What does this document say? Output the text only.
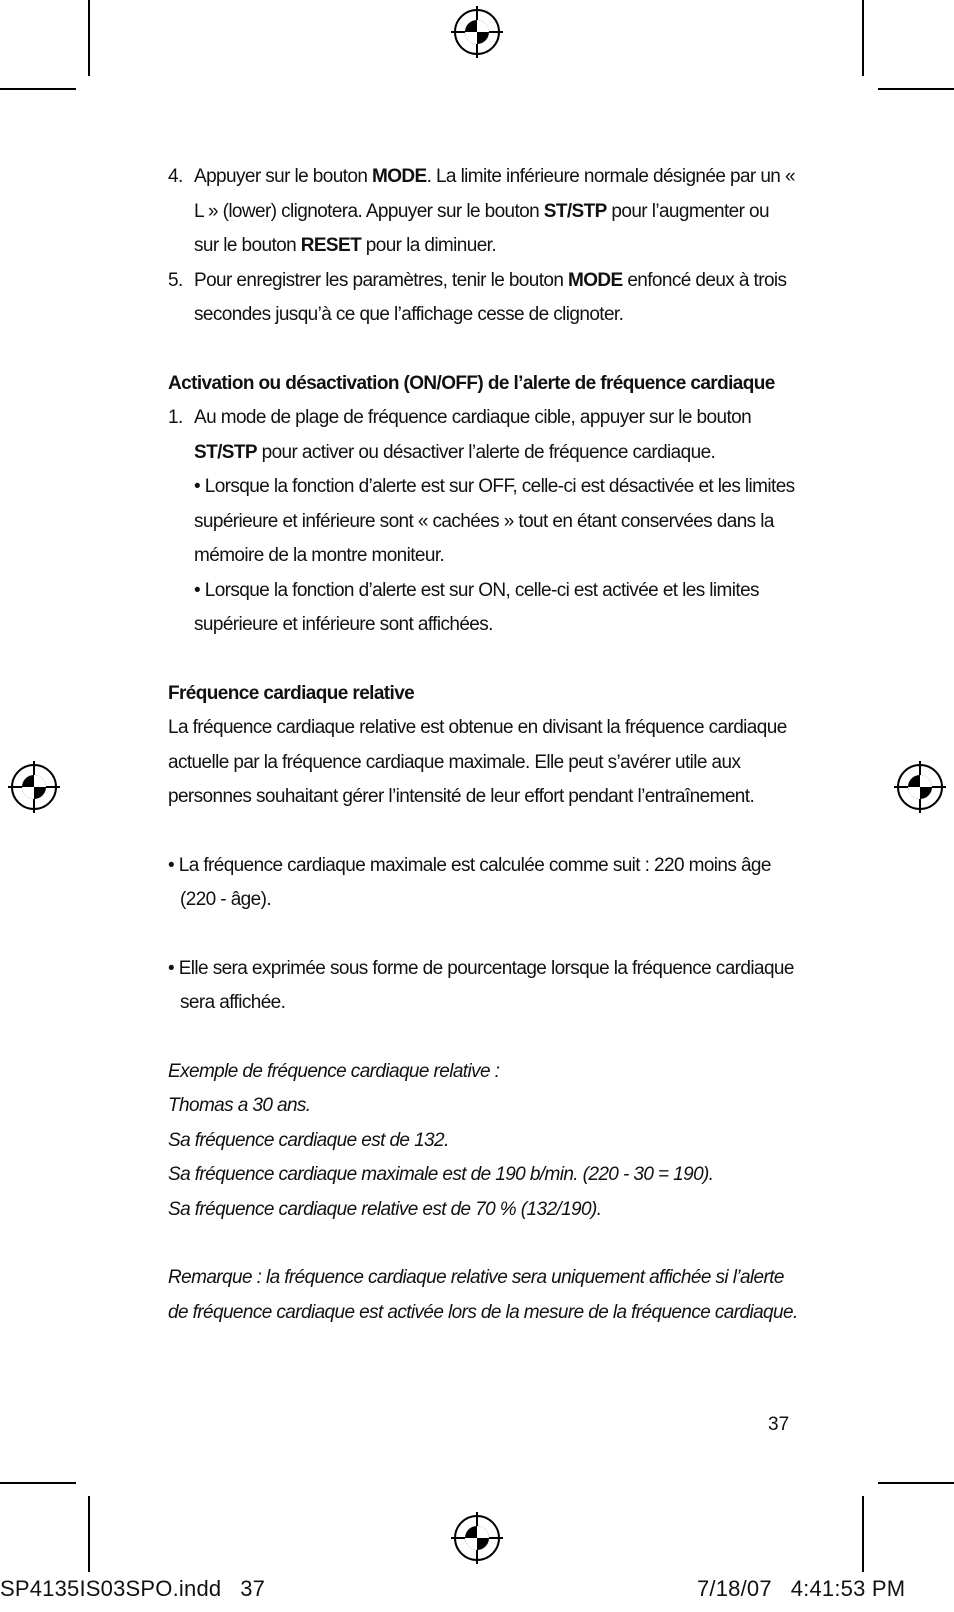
4. Appuyer sur le bouton MODE. La limite inférieure normale désignée par un « L » (lower) clignotera. Appuyer sur le bouton ST/STP pour l’augmenter ou sur le bouton RESET pour la diminuer.

5. Pour enregistrer les paramètres, tenir le bouton MODE enfoncé deux à trois secondes jusqu’à ce que l’affichage cesse de clignoter.

Activation ou désactivation (ON/OFF) de l’alerte de fréquence cardiaque

1. Au mode de plage de fréquence cardiaque cible, appuyer sur le bouton ST/STP pour activer ou désactiver l’alerte de fréquence cardiaque.

• Lorsque la fonction d’alerte est sur OFF, celle-ci est désactivée et les limites supérieure et inférieure sont « cachées » tout en étant conservées dans la mémoire de la montre moniteur.

• Lorsque la fonction d’alerte est sur ON, celle-ci est activée et les limites supérieure et inférieure sont affichées.

Fréquence cardiaque relative

La fréquence cardiaque relative est obtenue en divisant la fréquence cardiaque actuelle par la fréquence cardiaque maximale. Elle peut s’avérer utile aux personnes souhaitant gérer l’intensité de leur effort pendant l’entraînement.

• La fréquence cardiaque maximale est calculée comme suit : 220 moins âge (220 - âge).

• Elle sera exprimée sous forme de pourcentage lorsque la fréquence cardiaque sera affichée.

Exemple de fréquence cardiaque relative :

Thomas a 30 ans.

Sa fréquence cardiaque est de 132.

Sa fréquence cardiaque maximale est de 190 b/min. (220 - 30 = 190).

Sa fréquence cardiaque relative est de 70 % (132/190).

Remarque : la fréquence cardiaque relative sera uniquement affichée si l’alerte de fréquence cardiaque est activée lors de la mesure de la fréquence cardiaque.

37
SP4135IS03SPO.indd   37	7/18/07   4:41:53 PM
